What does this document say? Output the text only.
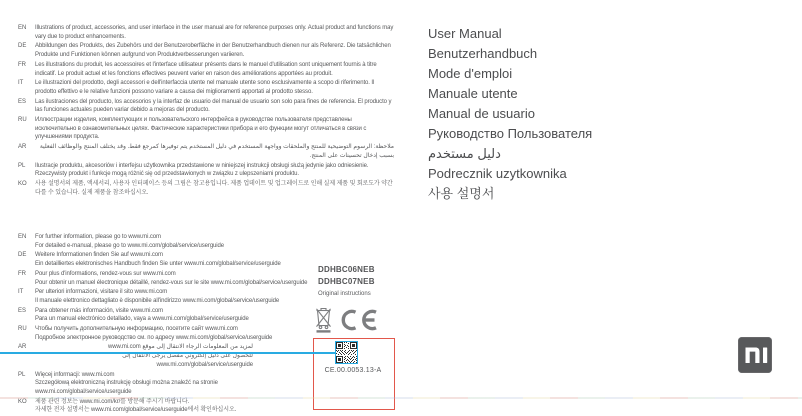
EN	Illustrations of product, accessories, and user interface in the user manual are for reference purposes only. Actual product and functions may vary due to product enhancements.
DE	Abbildungen des Produkts, des Zubehörs und der Benutzeroberfläche in der Benutzerhandbuch dienen nur als Referenz. Die tatsächlichen Produkte und Funktionen können aufgrund von Produktverbesserungen variieren.
FR	Les illustrations du produit, les accessoires et l'interface utilisateur présents dans le manuel d'utilisation sont uniquement fournis à titre indicatif. Le produit actuel et les fonctions effectives peuvent varier en raison des améliorations apportées au produit.
IT	Le illustrazioni del prodotto, degli accessori e dell'interfaccia utente nel manuale utente sono esclusivamente a scopo di riferimento. Il prodotto effettivo e le relative funzioni possono variare a causa dei miglioramenti apportati al prodotto stesso.
ES	Las ilustraciones del producto, los accesorios y la interfaz de usuario del manual de usuario son solo para fines de referencia. El producto y las funciones actuales pueden variar debido a mejoras del producto.
RU	Иллюстрации изделия, комплектующих и пользовательского интерфейса в руководстве пользователя представлены исключительно в ознакомительных целях. Фактические характеристики прибора и его функции могут отличаться в связи с улучшениями продукта.
AR	ملاحظة: الرسوم التوضيحية للمنتج والملحقات وواجهة المستخدم في دليل المستخدم يتم توفيرها كمرجع فقط. وقد يختلف المنتج والوظائف الفعلية بسبب إدخال تحسينات على المنتج.
PL	Ilustracje produktu, akcesoriów i interfejsu użytkownika przedstawione w niniejszej instrukcji obsługi służą jedynie jako odniesienie. Rzeczywisty produkt i funkcje mogą różnić się od przedstawionych w związku z ulepszeniami produktu.
KO	사용 설명서의 제품, 액세서리, 사용자 인터페이스 등의 그림은 참고용입니다. 제품 업데이트 및 업그레이드로 인해 실제 제품 및 회로도가 약간 다를 수 있습니다. 실제 제품을 참조하십시오.
EN	For further information, please go to www.mi.com
For detailed e-manual, please go to www.mi.com/global/service/userguide
DE	Weitere Informationen finden Sie auf www.mi.com
Ein detailliertes elektronisches Handbuch finden Sie unter www.mi.com/global/service/userguide
FR	Pour plus d'informations, rendez-vous sur www.mi.com
Pour obtenir un manuel électronique détaillé, rendez-vous sur le site www.mi.com/global/service/userguide
IT	Per ulteriori informazioni, visitare il sito www.mi.com
Il manuale elettronico dettagliato è disponibile all'indirizzo www.mi.com/global/service/userguide
ES	Para obtener más información, visite www.mi.com
Para un manual electrónico detallado, vaya a www.mi.com/global/service/userguide
RU	Чтобы получить дополнительную информацию, посетите сайт www.mi.com
Подробное электронное руководство см. по адресу www.mi.com/global/service/userguide
AR	لمزيد من المعلومات الرجاء الانتقال إلى موقع www.mi.com
للحصول على دليل إلكتروني مفصل يرجى الانتقال إلى www.mi.com/global/service/userguide
PL	Więcej informacji: www.mi.com
Szczegółową elektroniczną instrukcję obsługi można znaleźć na stronie www.mi.com/global/service/userguide
KO	제품 관련 정보는 www.mi.com/kr/를 방문해 주시기 바랍니다.
자세한 전자 설명서는 www.mi.com/global/service/userguide에서 확인하십시오.
User Manual
Benutzerhandbuch
Mode d'emploi
Manuale utente
Manual de usuario
Руководство Пользователя
دليل مستخدم
Podrecznik uzytkownika
사용 설명서
DDHBC06NEB
DDHBC07NEB
Original instructions
CE.00.0053.13-A
